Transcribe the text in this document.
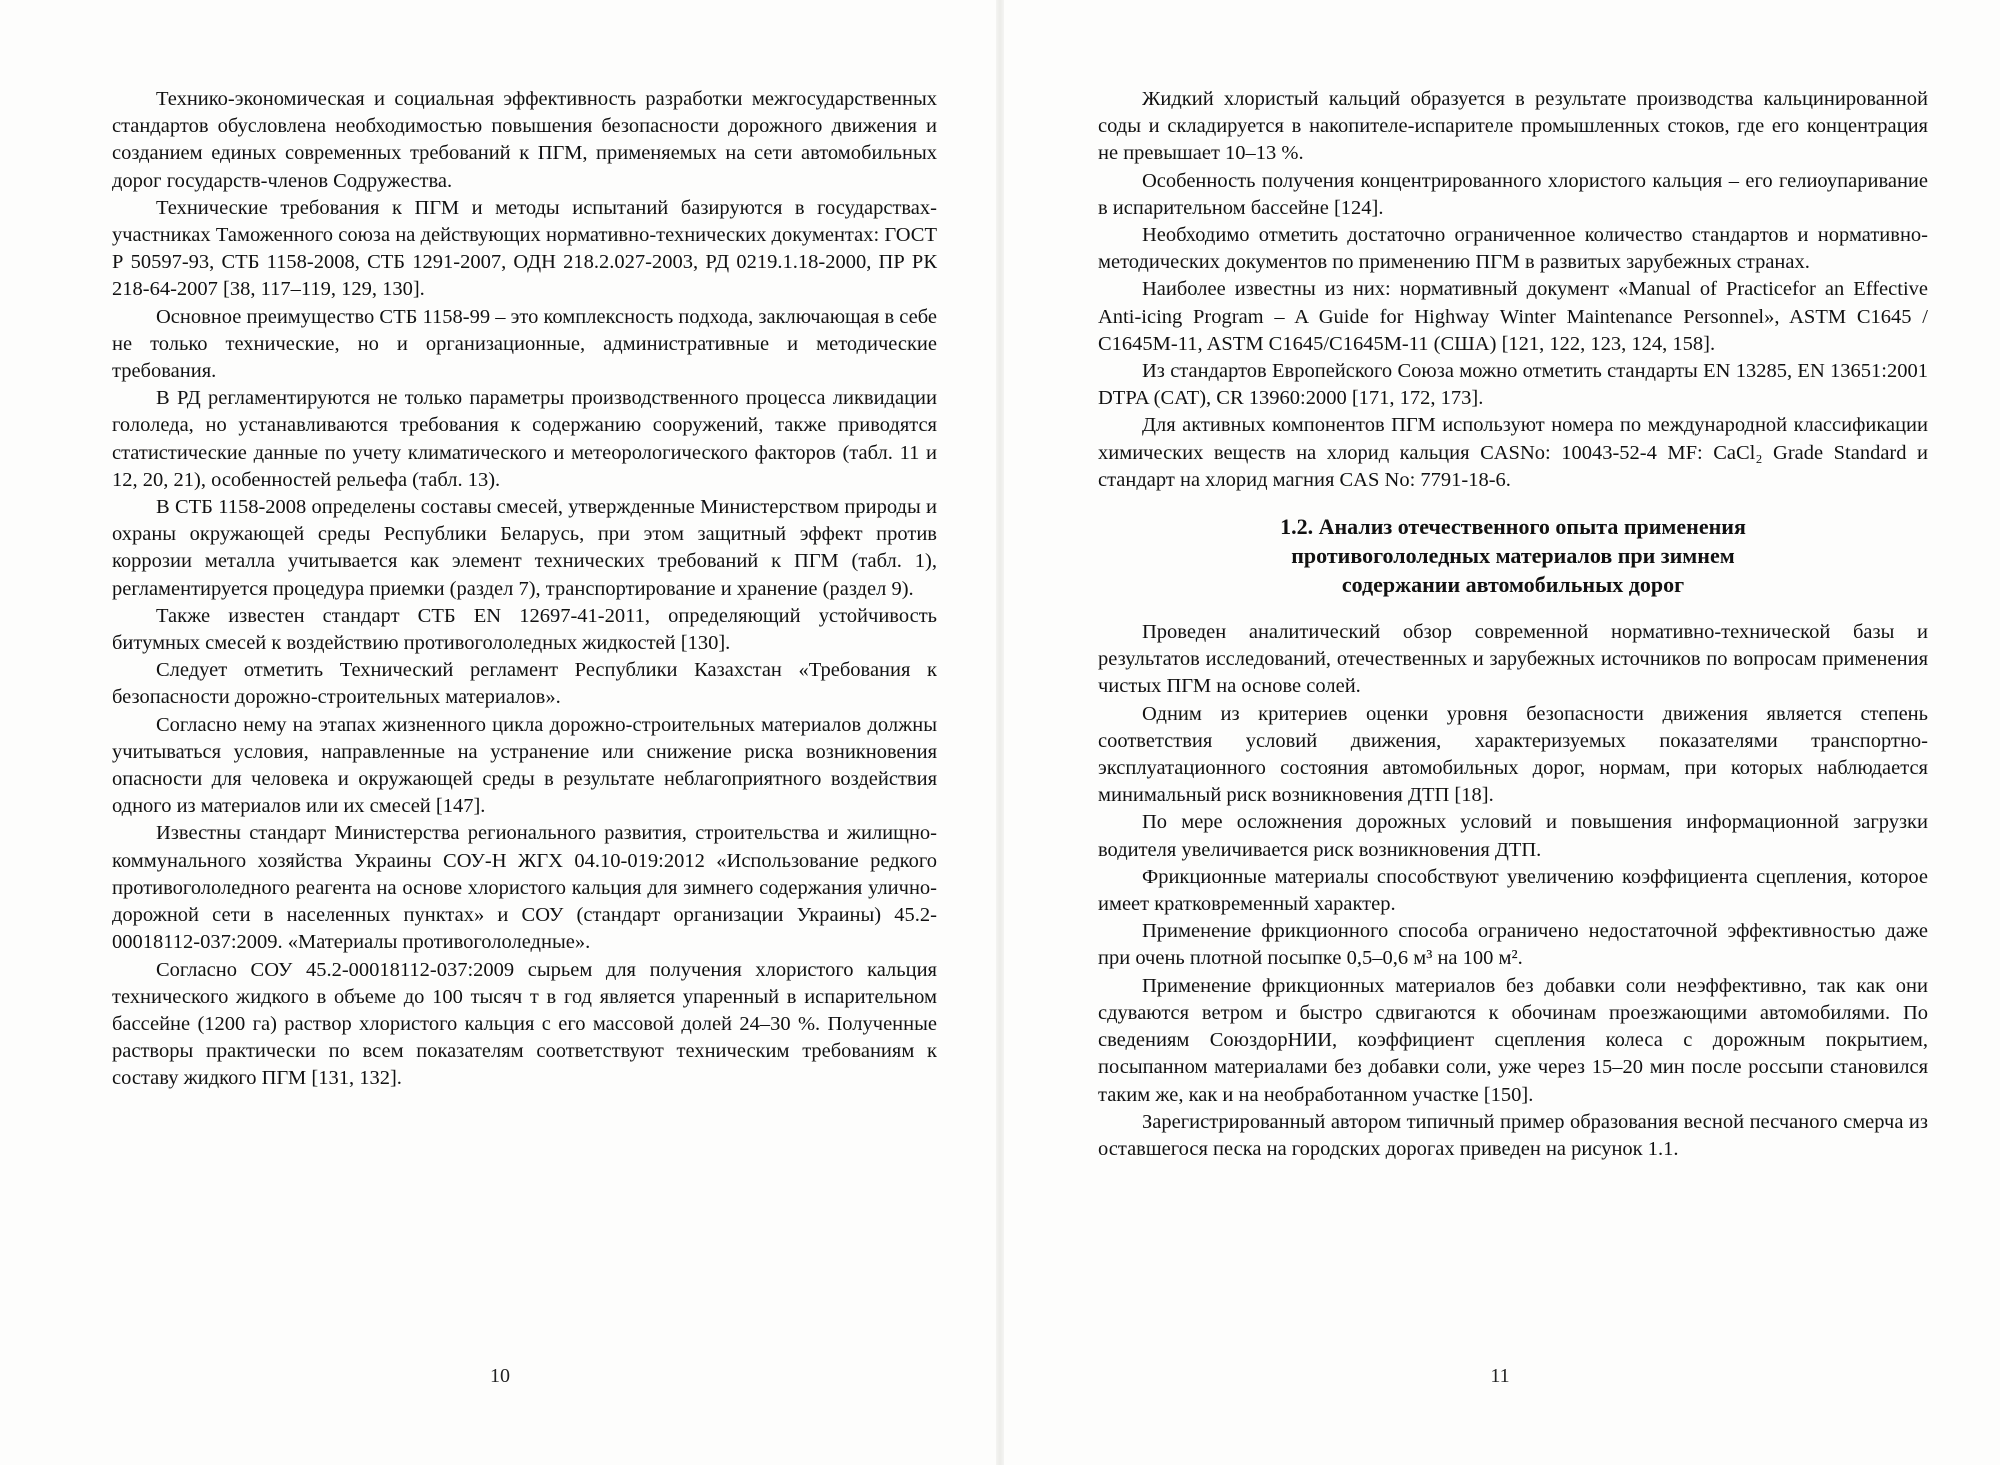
Технико-экономическая и социальная эффективность разработки межгосударственных стандартов обусловлена необходимостью повышения безопасности дорожного движения и созданием единых современных требований к ПГМ, применяемых на сети автомобильных дорог государств-членов Содружества.

Технические требования к ПГМ и методы испытаний базируются в государствах-участниках Таможенного союза на действующих нормативно-технических документах: ГОСТ Р 50597-93, СТБ 1158-2008, СТБ 1291-2007, ОДН 218.2.027-2003, РД 0219.1.18-2000, ПР РК 218-64-2007 [38, 117–119, 129, 130].

Основное преимущество СТБ 1158-99 – это комплексность подхода, заключающая в себе не только технические, но и организационные, административные и методические требования.

В РД регламентируются не только параметры производственного процесса ликвидации гололеда, но устанавливаются требования к содержанию сооружений, также приводятся статистические данные по учету климатического и метеорологического факторов (табл. 11 и 12, 20, 21), особенностей рельефа (табл. 13).

В СТБ 1158-2008 определены составы смесей, утвержденные Министерством природы и охраны окружающей среды Республики Беларусь, при этом защитный эффект против коррозии металла учитывается как элемент технических требований к ПГМ (табл. 1), регламентируется процедура приемки (раздел 7), транспортирование и хранение (раздел 9).

Также известен стандарт СТБ EN 12697-41-2011, определяющий устойчивость битумных смесей к воздействию противогололедных жидкостей [130].

Следует отметить Технический регламент Республики Казахстан «Требования к безопасности дорожно-строительных материалов».

Согласно нему на этапах жизненного цикла дорожно-строительных материалов должны учитываться условия, направленные на устранение или снижение риска возникновения опасности для человека и окружающей среды в результате неблагоприятного воздействия одного из материалов или их смесей [147].

Известны стандарт Министерства регионального развития, строительства и жилищно-коммунального хозяйства Украины СОУ-Н ЖГХ 04.10-019:2012 «Использование редкого противогололедного реагента на основе хлористого кальция для зимнего содержания улично-дорожной сети в населенных пунктах» и СОУ (стандарт организации Украины) 45.2-00018112-037:2009. «Материалы противогололедные».

Согласно СОУ 45.2-00018112-037:2009 сырьем для получения хлористого кальция технического жидкого в объеме до 100 тысяч т в год является упаренный в испарительном бассейне (1200 га) раствор хлористого кальция с его массовой долей 24–30 %. Полученные растворы практически по всем показателям соответствуют техническим требованиям к составу жидкого ПГМ [131, 132].

10

Жидкий хлористый кальций образуется в результате производства кальцинированной соды и складируется в накопителе-испарителе промышленных стоков, где его концентрация не превышает 10–13 %.

Особенность получения концентрированного хлористого кальция – его гелиоупаривание в испарительном бассейне [124].

Необходимо отметить достаточно ограниченное количество стандартов и нормативно-методических документов по применению ПГМ в развитых зарубежных странах.

Наиболее известны из них: нормативный документ «Manual of Practicefor an Effective Anti-icing Program – A Guide for Highway Winter Maintenance Personnel», ASTM C1645 / C1645M-11, ASTM C1645/C1645M-11 (США) [121, 122, 123, 124, 158].

Из стандартов Европейского Союза можно отметить стандарты EN 13285, EN 13651:2001 DTPA (CAT), CR 13960:2000 [171, 172, 173].

Для активных компонентов ПГМ используют номера по международной классификации химических веществ на хлорид кальция CASNo: 10043-52-4 MF: CaCl₂ Grade Standard и стандарт на хлорид магния CAS No: 7791-18-6.

1.2. Анализ отечественного опыта применения
противогололедных материалов при зимнем
содержании автомобильных дорог

Проведен аналитический обзор современной нормативно-технической базы и результатов исследований, отечественных и зарубежных источников по вопросам применения чистых ПГМ на основе солей.

Одним из критериев оценки уровня безопасности движения является степень соответствия условий движения, характеризуемых показателями транспортно-эксплуатационного состояния автомобильных дорог, нормам, при которых наблюдается минимальный риск возникновения ДТП [18].

По мере осложнения дорожных условий и повышения информационной загрузки водителя увеличивается риск возникновения ДТП.

Фрикционные материалы способствуют увеличению коэффициента сцепления, которое имеет кратковременный характер.

Применение фрикционного способа ограничено недостаточной эффективностью даже при очень плотной посыпке 0,5–0,6 м³ на 100 м².

Применение фрикционных материалов без добавки соли неэффективно, так как они сдуваются ветром и быстро сдвигаются к обочинам проезжающими автомобилями. По сведениям СоюздорНИИ, коэффициент сцепления колеса с дорожным покрытием, посыпанном материалами без добавки соли, уже через 15–20 мин после россыпи становился таким же, как и на необработанном участке [150].

Зарегистрированный автором типичный пример образования весной песчаного смерча из оставшегося песка на городских дорогах приведен на рисунок 1.1.

11
